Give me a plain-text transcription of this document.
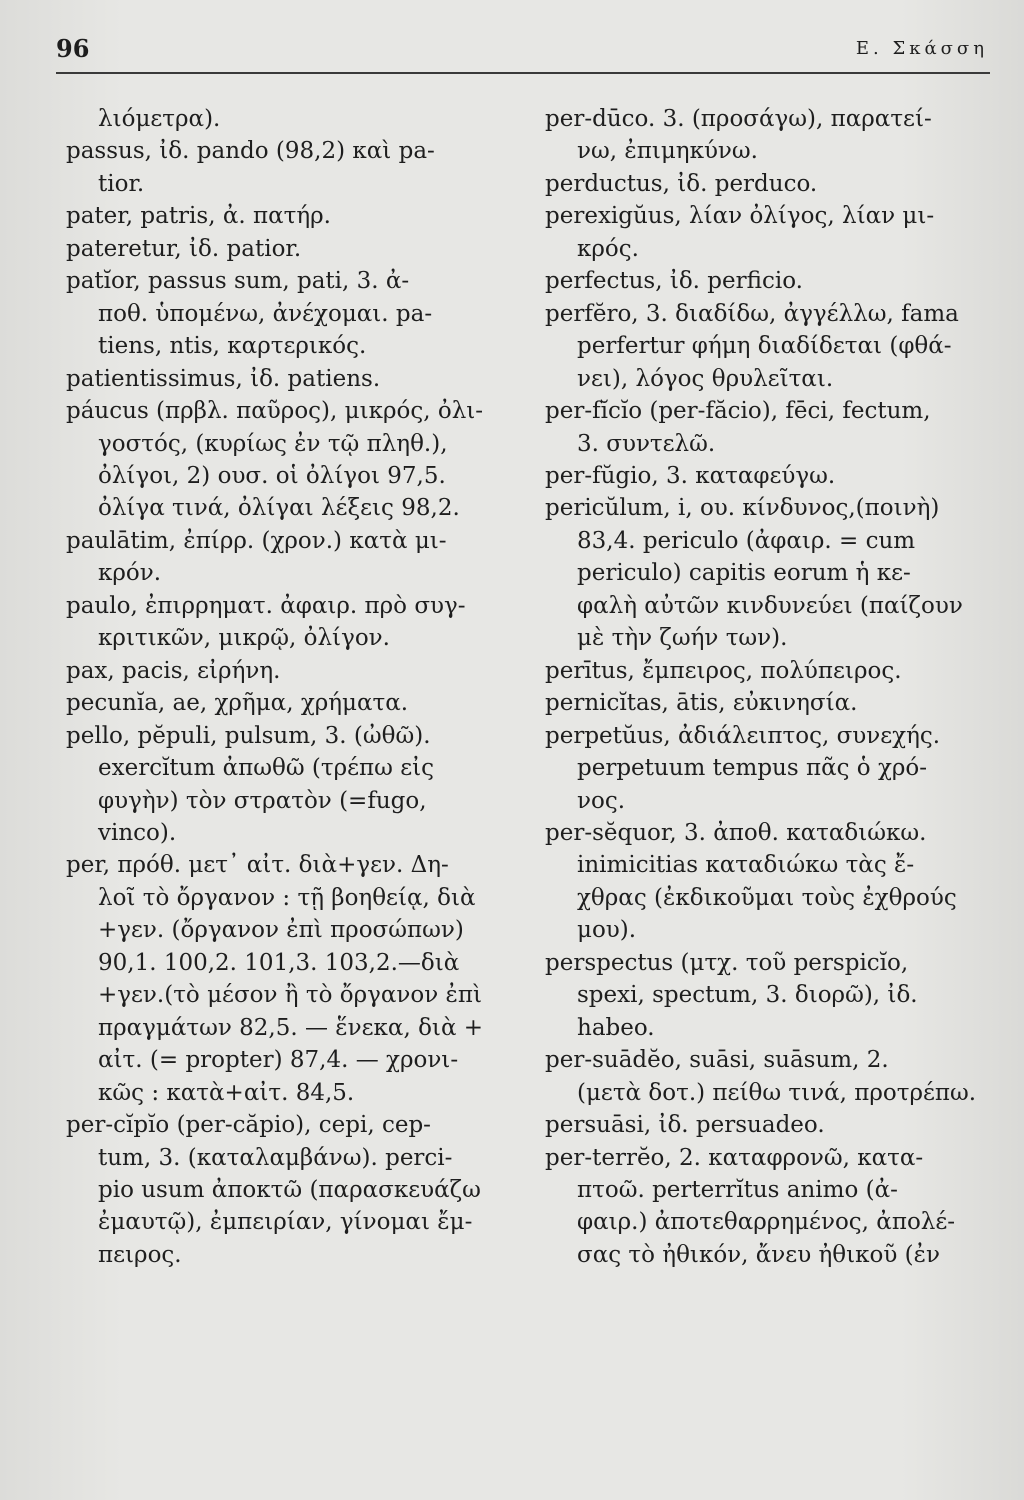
96	Ε. Σκάσση
λιόμετρα).
passus, ἰδ. pando (98,2) καὶ pa-
tior.
pater, patris, ἀ. πατήρ.
pateretur, ἰδ. patior.
patĭor, passus sum, pati, 3. ἀ-
ποθ. ὑπομένω, ἀνέχομαι. pa-
tiens, ntis, καρτερικός.
patientissimus, ἰδ. patiens.
páucus (πρβλ. παῦρος), μικρός, ὀλι-
γοστός, (κυρίως ἐν τῷ πληθ.),
ὀλίγοι, 2) ουσ. οἱ ὀλίγοι 97,5.
ὀλίγα τινά, ὀλίγαι λέξεις 98,2.
paulātim, ἐπίρρ. (χρον.) κατὰ μι-
κρόν.
paulo, ἐπιρρηματ. ἀφαιρ. πρὸ συγ-
κριτικῶν, μικρῷ, ὀλίγον.
pax, pacis, εἰρήνη.
pecunĭa, ae, χρῆμα, χρήματα.
pello, pĕpuli, pulsum, 3. (ὠθῶ).
exercĭtum ἀπωθῶ (τρέπω εἰς
φυγὴν) τὸν στρατὸν (=fugo,
vinco).
per, πρόθ. μετ᾿ αἰτ. διὰ+γεν. Δη-
λοῖ τὸ ὄργανον : τῇ βοηθείᾳ, διὰ
+γεν. (ὄργανον ἐπὶ προσώπων)
90,1. 100,2. 101,3. 103,2.—διὰ
+γεν.(τὸ μέσον ἢ τὸ ὄργανον ἐπὶ
πραγμάτων 82,5. — ἕνεκα, διὰ +
αἰτ. (= propter) 87,4. — χρονι-
κῶς : κατὰ+αἰτ. 84,5.
per-cĭpĭo (per-căpio), cepi, cep-
tum, 3. (καταλαμβάνω). perci-
pio usum ἀποκτῶ (παρασκευάζω
ἐμαυτῷ), ἐμπειρίαν, γίνομαι ἔμ-
πειρος.
per-dūco. 3. (προσάγω), παρατεί-
νω, ἐπιμηκύνω.
perductus, ἰδ. perduco.
perexigŭus, λίαν ὀλίγος, λίαν μι-
κρός.
perfectus, ἰδ. perficio.
perfĕro, 3. διαδίδω, ἀγγέλλω, fama
perfertur φήμη διαδίδεται (φθά-
νει), λόγος θρυλεῖται.
per-fĭcĭo (per-făcio), fēci, fectum,
3. συντελῶ.
per-fŭgio, 3. καταφεύγω.
pericŭlum, i, ου. κίνδυνος,(ποινὴ)
83,4. periculo (ἀφαιρ. = cum
periculo) capitis eorum ἡ κε-
φαλὴ αὐτῶν κινδυνεύει (παίζουν
μὲ τὴν ζωήν των).
perītus, ἔμπειρος, πολύπειρος.
pernicĭtas, ātis, εὐκινησία.
perpetŭus, ἀδιάλειπτος, συνεχής.
perpetuum tempus πᾶς ὁ χρό-
νος.
per-sĕquor, 3. ἀποθ. καταδιώκω.
inimicitias καταδιώκω τὰς ἔ-
χθρας (ἐκδικοῦμαι τοὺς ἐχθρούς
μου).
perspectus (μτχ. τοῦ perspicĭo,
spexi, spectum, 3. διορῶ), ἰδ.
habeo.
per-suādĕo, suāsi, suāsum, 2.
(μετὰ δοτ.) πείθω τινά, προτρέπω.
persuāsi, ἰδ. persuadeo.
per-terrĕo, 2. καταφρονῶ, κατα-
πτοῶ. perterrĭtus animo (ἀ-
φαιρ.) ἀποτεθαρρημένος, ἀπολέ-
σας τὸ ἠθικόν, ἄνευ ἠθικοῦ (ἐν
